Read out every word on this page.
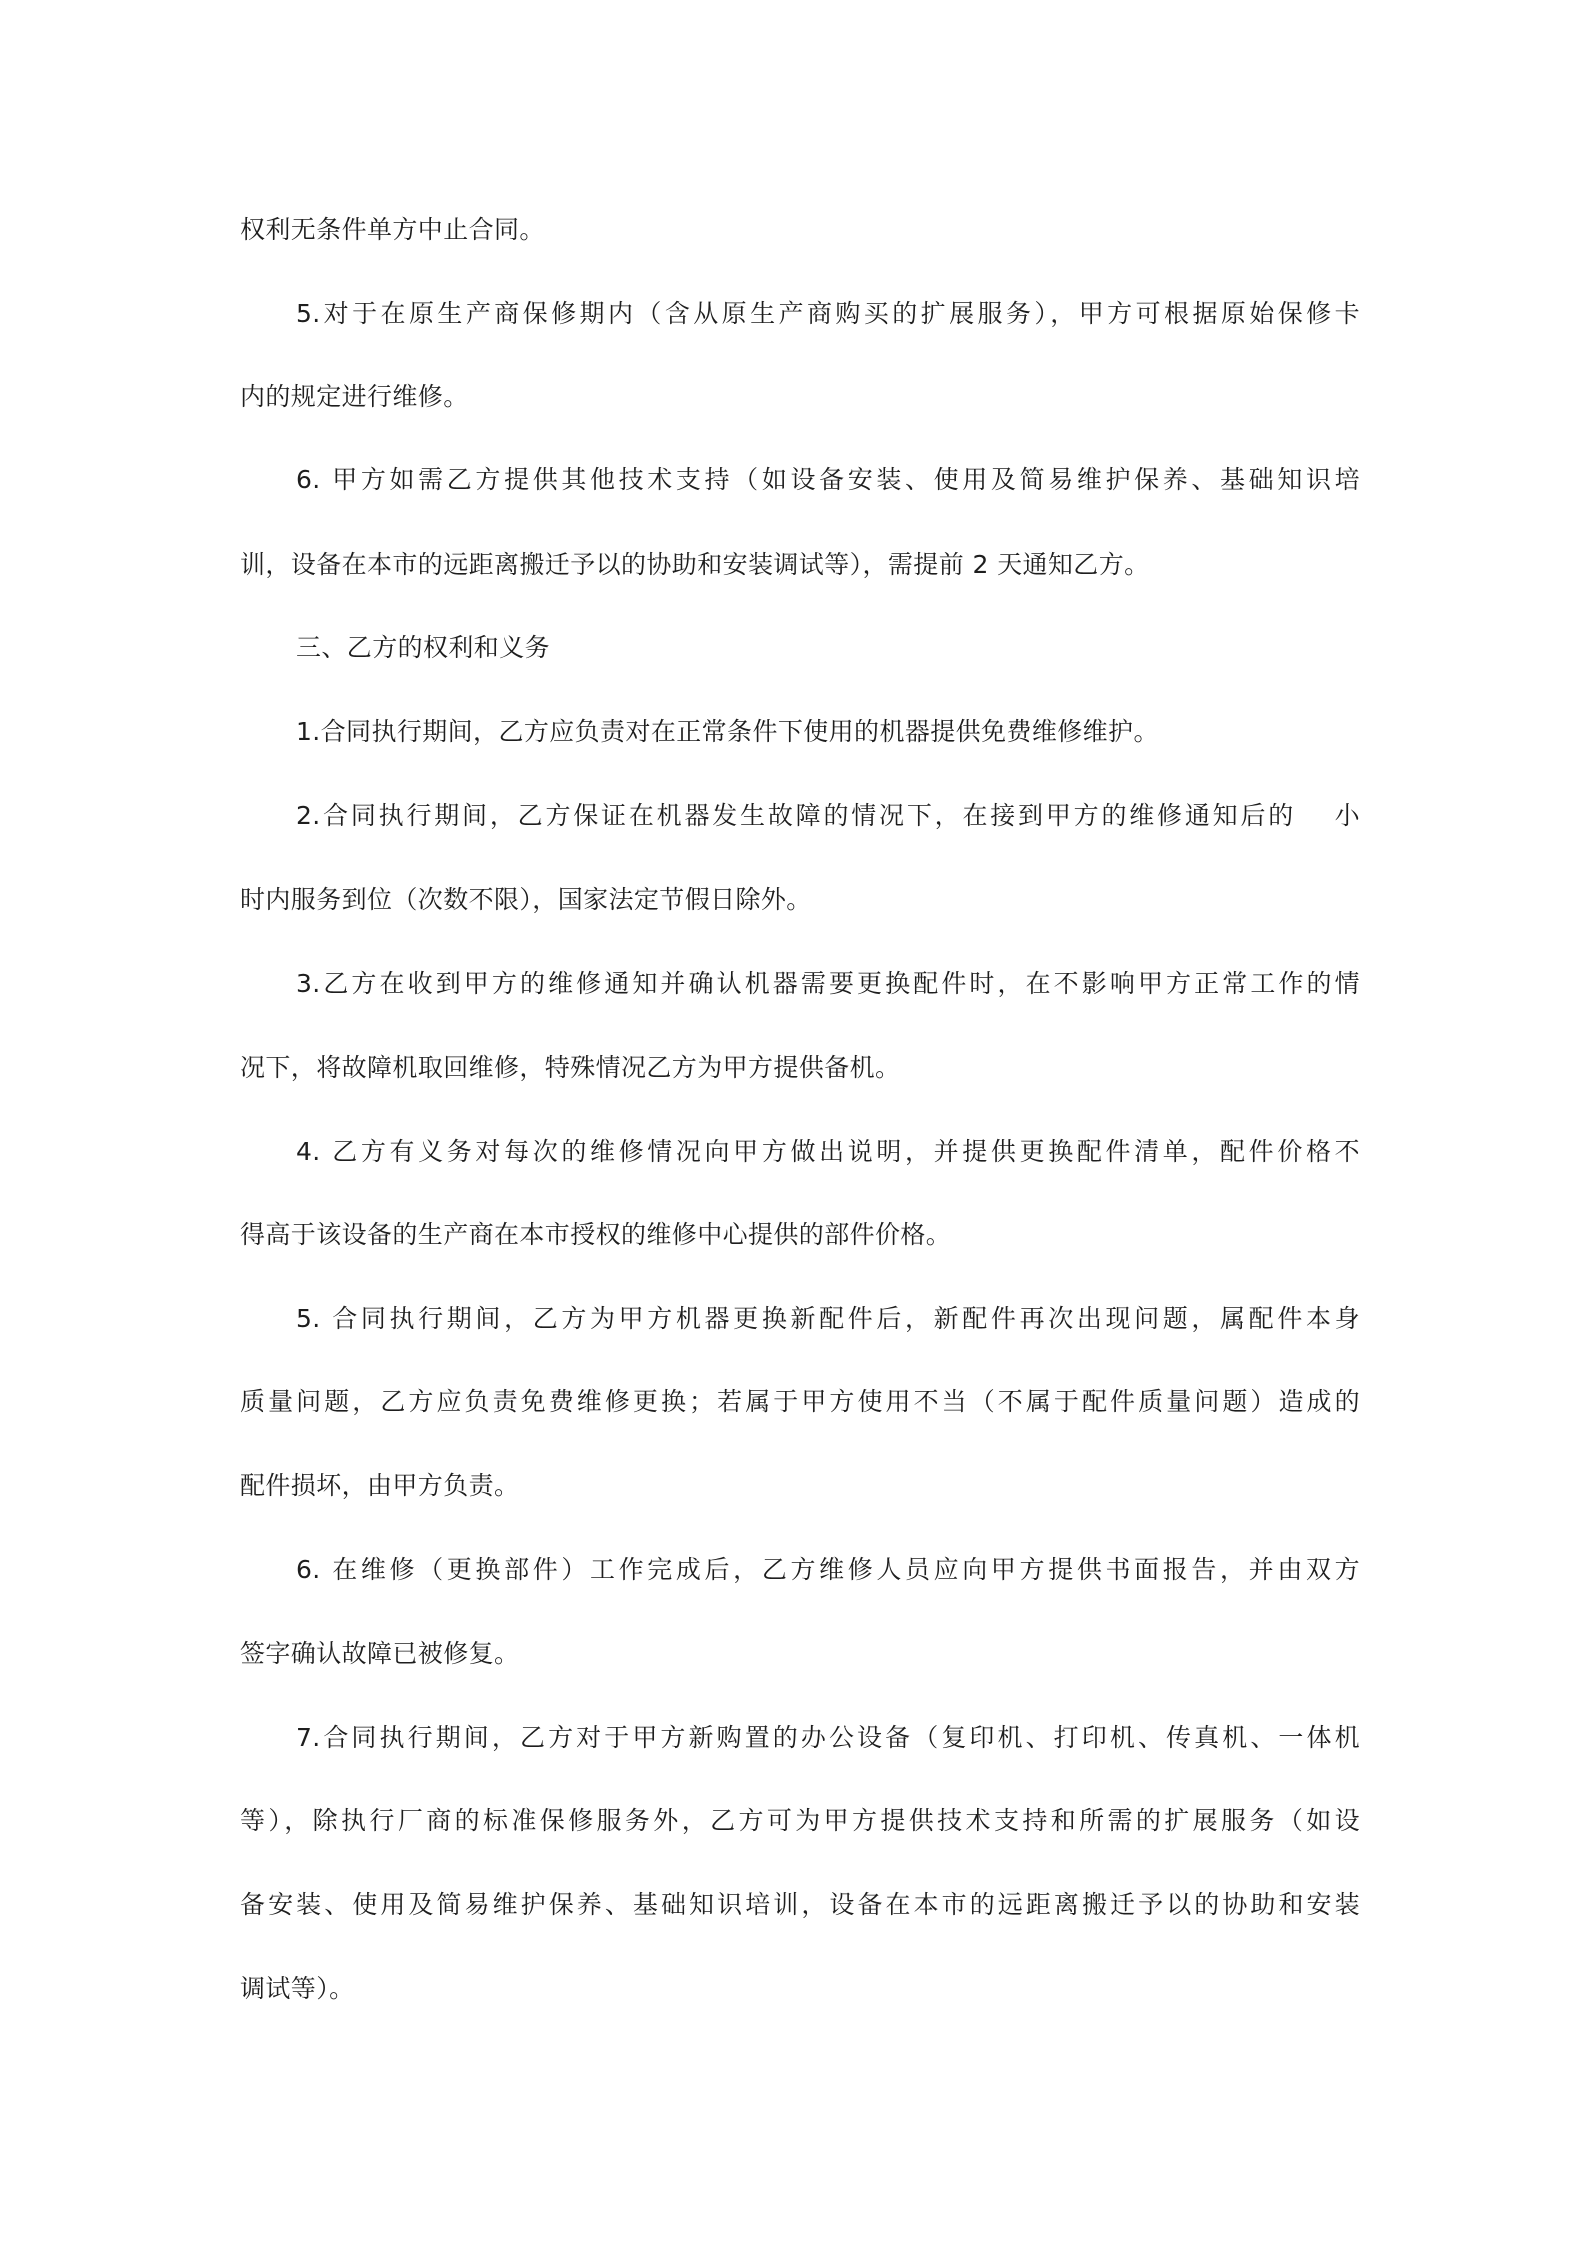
权利无条件单方中止合同。
5.对于在原生产商保修期内（含从原生产商购买的扩展服务），甲方可根据原始保修卡
内的规定进行维修。
6. 甲方如需乙方提供其他技术支持（如设备安装、使用及简易维护保养、基础知识培
训，设备在本市的远距离搬迁予以的协助和安装调试等），需提前 2 天通知乙方。
三、乙方的权利和义务
1.合同执行期间，乙方应负责对在正常条件下使用的机器提供免费维修维护。
2.合同执行期间，乙方保证在机器发生故障的情况下，在接到甲方的维修通知后的　 小
时内服务到位（次数不限），国家法定节假日除外。
3.乙方在收到甲方的维修通知并确认机器需要更换配件时，在不影响甲方正常工作的情
况下，将故障机取回维修，特殊情况乙方为甲方提供备机。
4. 乙方有义务对每次的维修情况向甲方做出说明，并提供更换配件清单，配件价格不
得高于该设备的生产商在本市授权的维修中心提供的部件价格。
5. 合同执行期间，乙方为甲方机器更换新配件后，新配件再次出现问题，属配件本身
质量问题，乙方应负责免费维修更换；若属于甲方使用不当（不属于配件质量问题）造成的
配件损坏，由甲方负责。
6. 在维修（更换部件）工作完成后，乙方维修人员应向甲方提供书面报告，并由双方
签字确认故障已被修复。
7.合同执行期间，乙方对于甲方新购置的办公设备（复印机、打印机、传真机、一体机
等），除执行厂商的标准保修服务外，乙方可为甲方提供技术支持和所需的扩展服务（如设
备安装、使用及简易维护保养、基础知识培训，设备在本市的远距离搬迁予以的协助和安装
调试等）。
